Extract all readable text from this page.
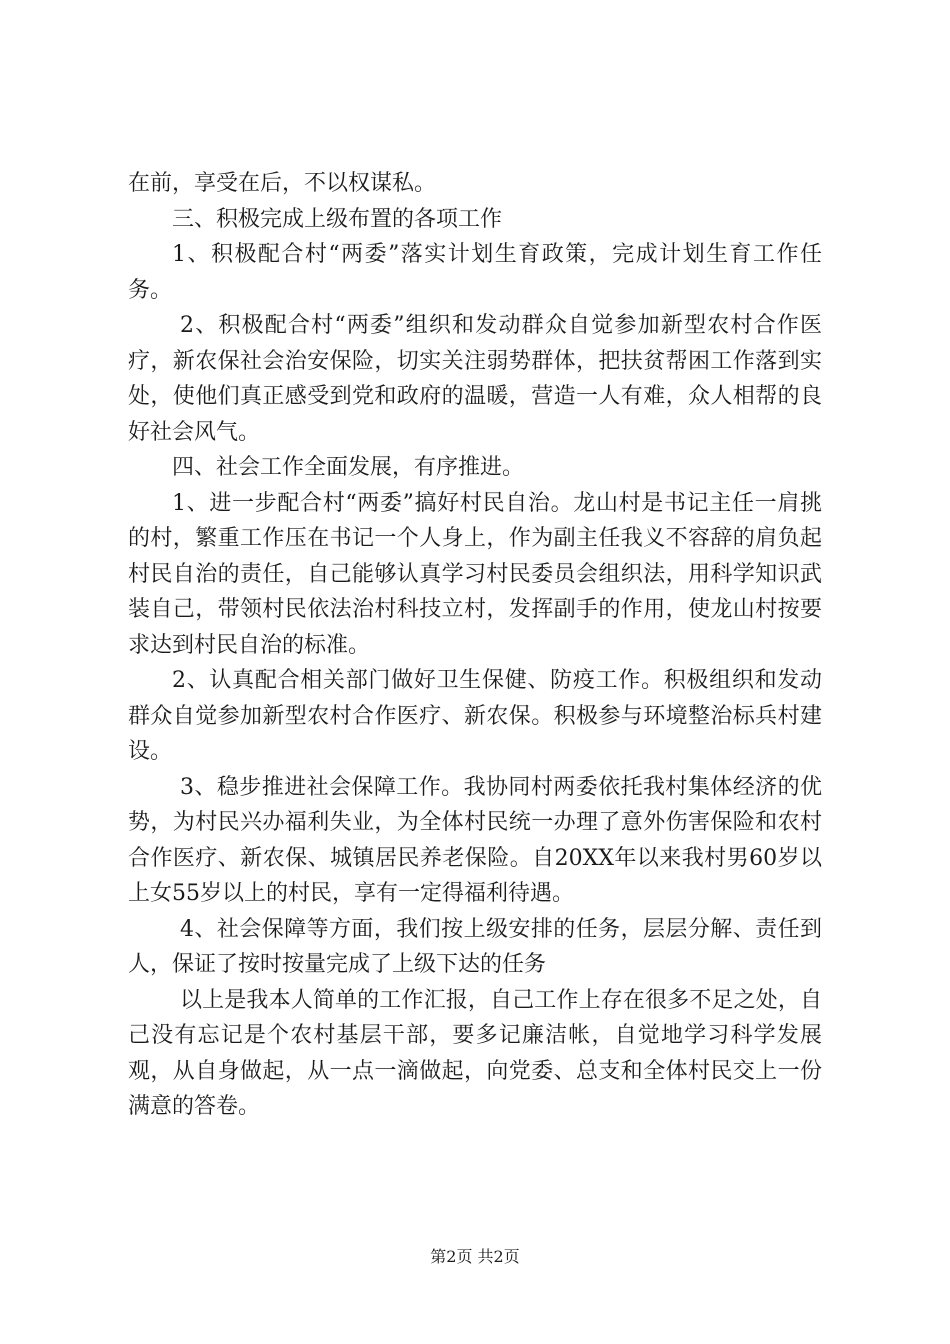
在前，享受在后，不以权谋私。

三、积极完成上级布置的各项工作

1、积极配合村“两委”落实计划生育政策，完成计划生育工作任务。

2、积极配合村“两委”组织和发动群众自觉参加新型农村合作医疗，新农保社会治安保险，切实关注弱势群体，把扶贫帮困工作落到实处，使他们真正感受到党和政府的温暖，营造一人有难，众人相帮的良好社会风气。

四、社会工作全面发展，有序推进。

1、进一步配合村“两委”搞好村民自治。龙山村是书记主任一肩挑的村，繁重工作压在书记一个人身上，作为副主任我义不容辞的肩负起村民自治的责任，自己能够认真学习村民委员会组织法，用科学知识武装自己，带领村民依法治村科技立村，发挥副手的作用，使龙山村按要求达到村民自治的标准。

2、认真配合相关部门做好卫生保健、防疫工作。积极组织和发动群众自觉参加新型农村合作医疗、新农保。积极参与环境整治标兵村建设。

3、稳步推进社会保障工作。我协同村两委依托我村集体经济的优势，为村民兴办福利失业，为全体村民统一办理了意外伤害保险和农村合作医疗、新农保、城镇居民养老保险。自20XX年以来我村男60岁以上女55岁以上的村民，享有一定得福利待遇。

4、社会保障等方面，我们按上级安排的任务，层层分解、责任到人，保证了按时按量完成了上级下达的任务

以上是我本人简单的工作汇报，自己工作上存在很多不足之处，自己没有忘记是个农村基层干部，要多记廉洁帐，自觉地学习科学发展观，从自身做起，从一点一滴做起，向党委、总支和全体村民交上一份满意的答卷。

第2页 共2页
